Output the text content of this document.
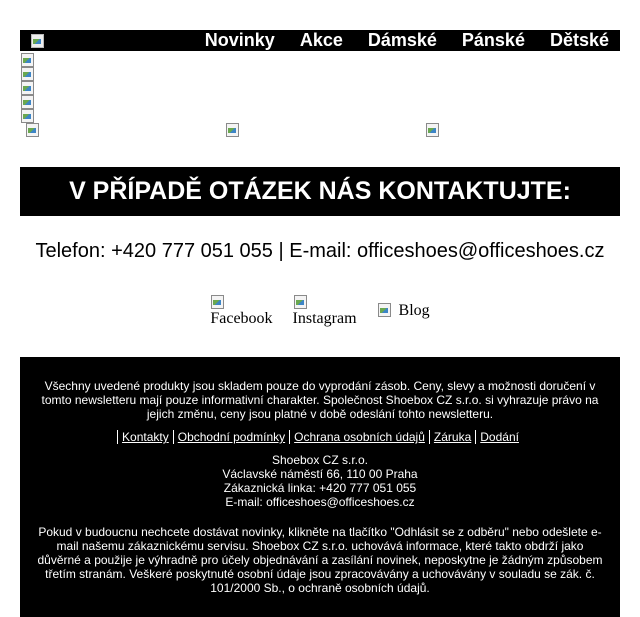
Novinky Akce Dámské Pánské Dětské
V PŘÍPADĚ OTÁZEK NÁS KONTAKTUJTE:
Telefon: +420 777 051 055 | E-mail: officeshoes@officeshoes.cz
Facebook Instagram	Blog

Všechny uvedené produkty jsou skladem pouze do vyprodání zásob. Ceny, slevy a možnosti doručení v tomto newsletteru mají pouze informativní charakter. Společnost Shoebox CZ s.r.o. si vyhrazuje právo na jejich změnu, ceny jsou platné v době odeslání tohto newsletteru.

Kontakty Obchodní podmínky Ochrana osobních údajů Záruka Dodání

Shoebox CZ s.r.o.

Václavské náměstí 66, 110 00 Praha

Zákaznická linka: +420 777 051 055

E-mail: officeshoes@officeshoes.cz

Pokud v budoucnu nechcete dostávat novinky, klikněte na tlačítko "Odhlásit se z odběru" nebo odešlete e-mail našemu zákaznickému servisu. Shoebox CZ s.r.o. uchovává informace, které takto obdrží jako důvěrné a použije je výhradně pro účely objednávání a zasílání novinek, neposkytne je žádným způsobem třetím stranám. Veškeré poskytnuté osobní údaje jsou zpracovávány a uchovávány v souladu se zák. č. 101/2000 Sb., o ochraně osobních údajů.
